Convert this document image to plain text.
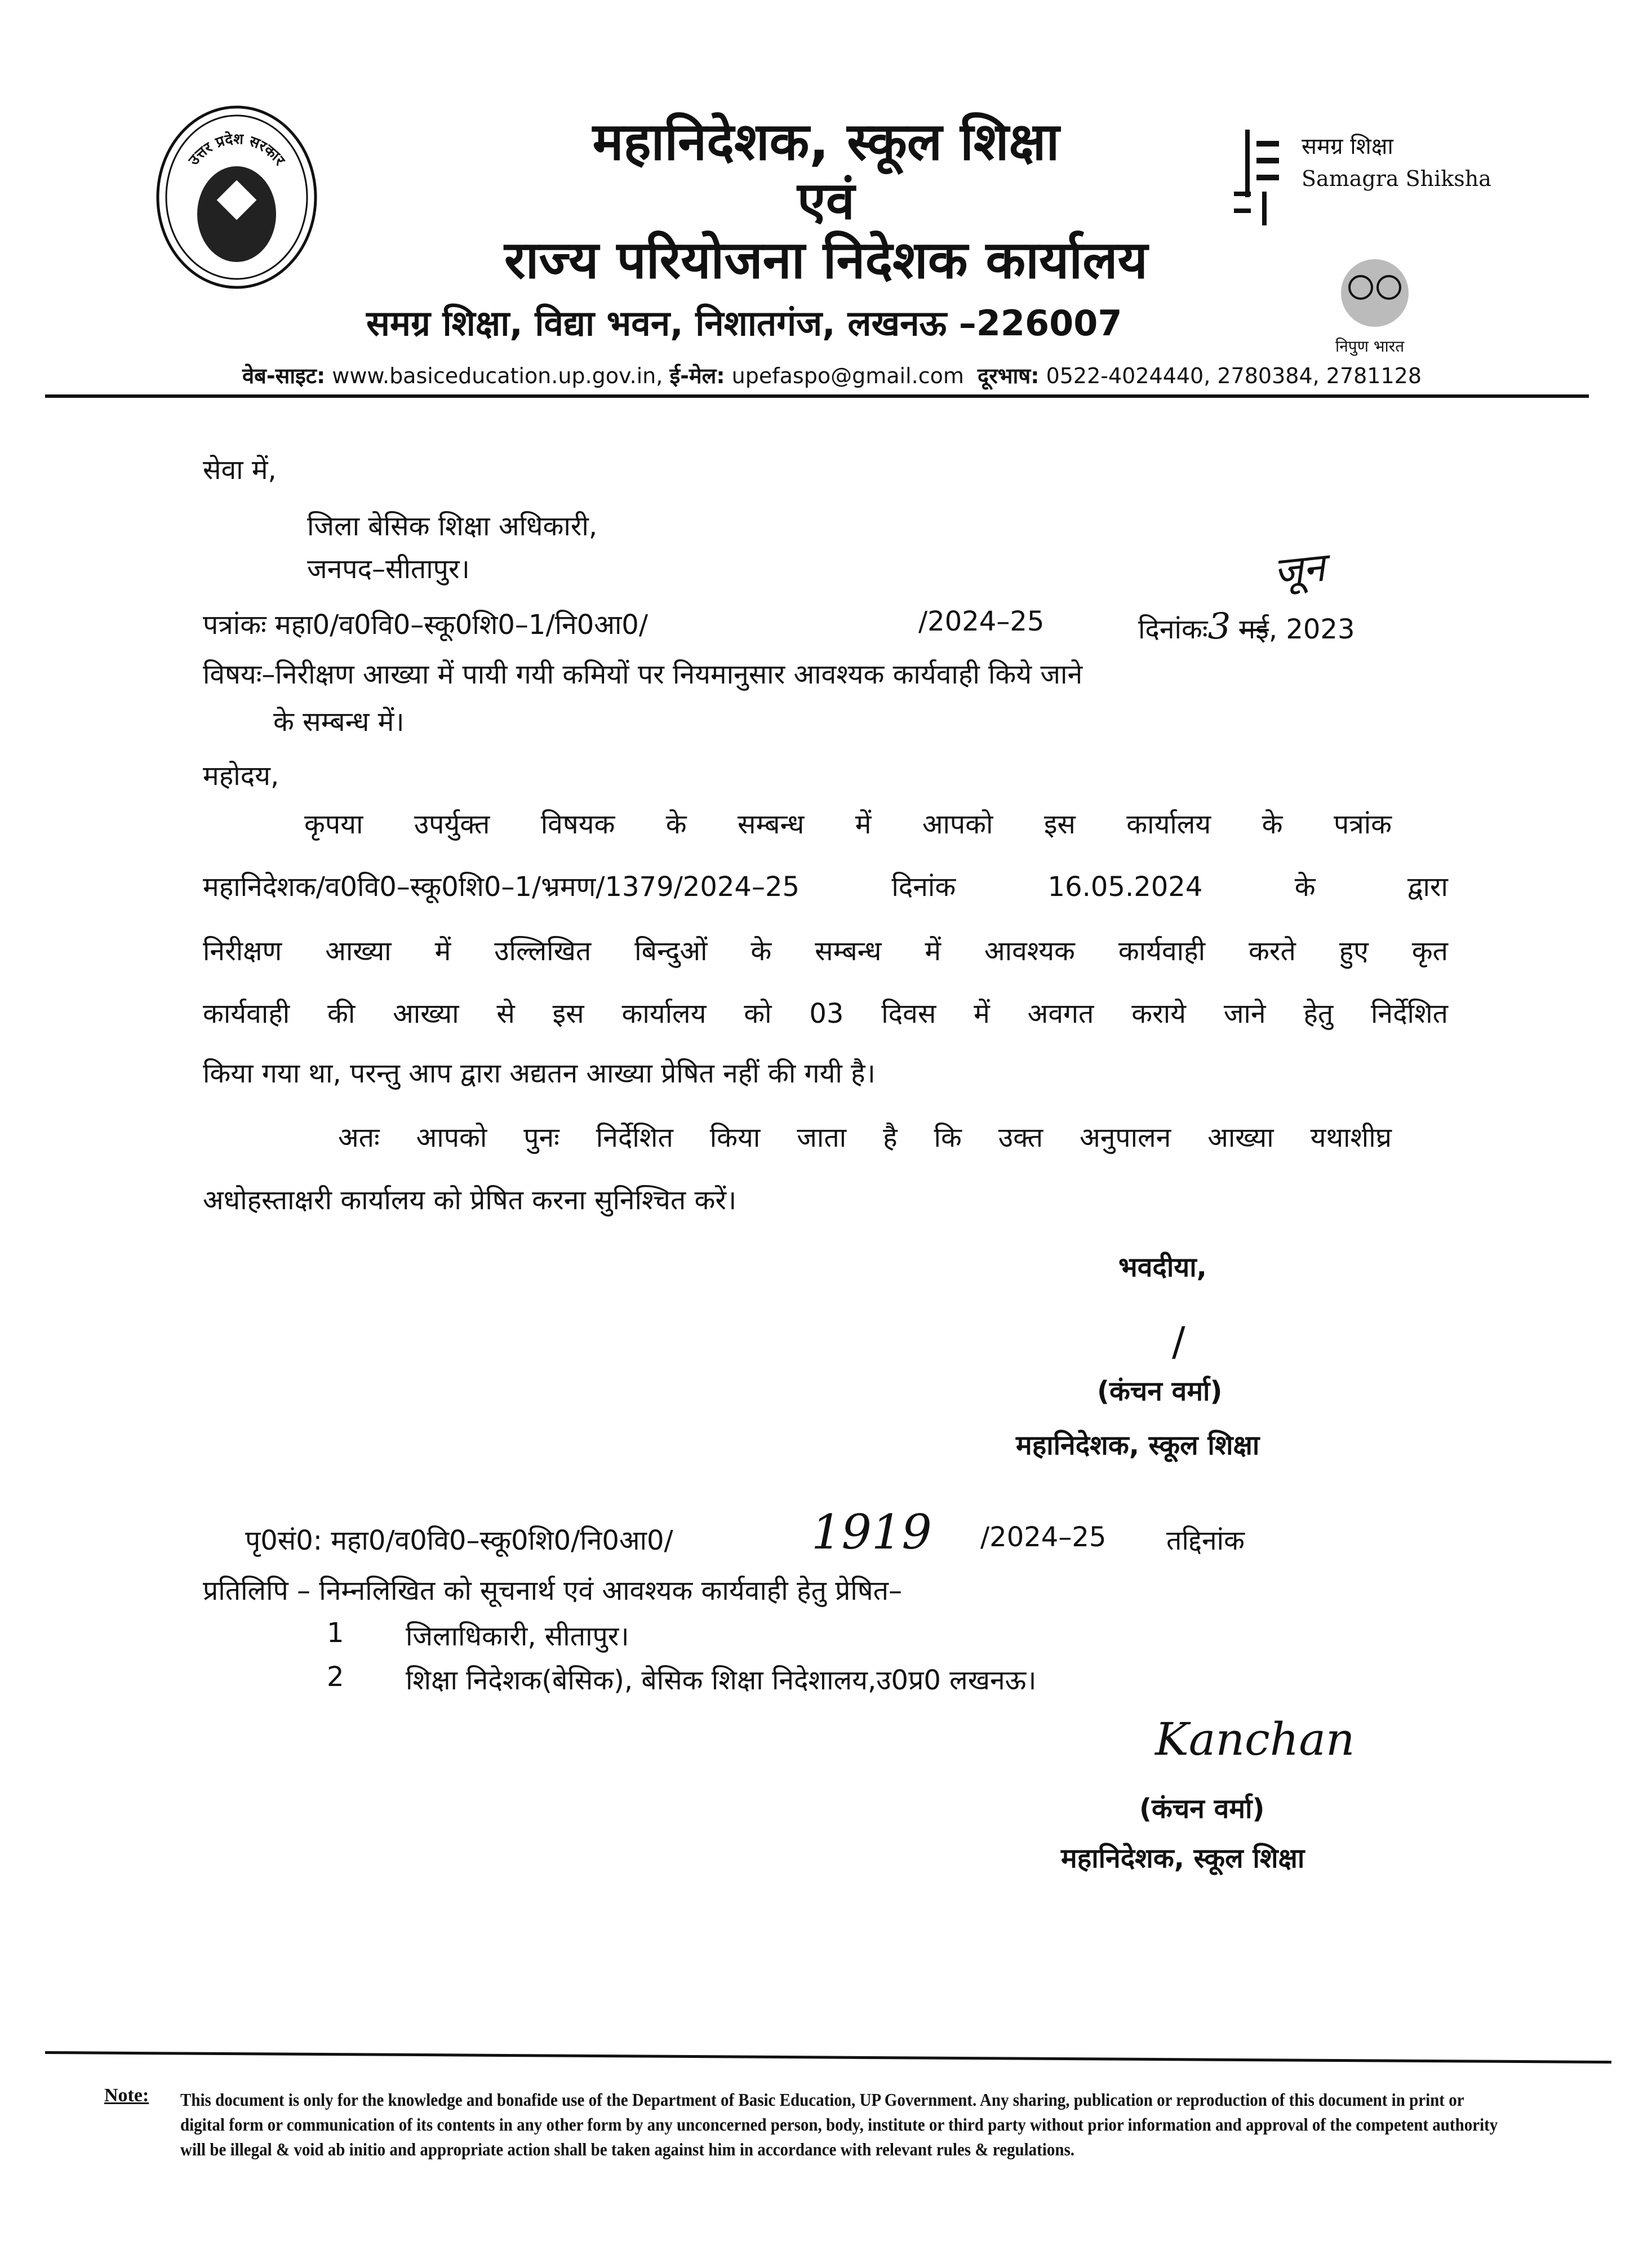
उत्तर प्रदेश सरकार	महानिदेशक, स्कूल शिक्षा
एवं
राज्य परियोजना निदेशक कार्यालय
समग्र शिक्षा, विद्या भवन, निशातगंज, लखनऊ –226007
समग्र शिक्षा
Samagra Shiksha
निपुण भारत
वेब-साइट: www.basiceducation.up.gov.in, ई-मेल: upefaspo@gmail.com दूरभाष: 0522-4024440, 2780384, 2781128
सेवा में,
जिला बेसिक शिक्षा अधिकारी,
जनपद–सीतापुर।
पत्रांकः महा0/व0वि0–स्कू0शि0–1/नि0आ0/	/2024–25	दिनांकः3 मई, 2023
जून
विषयः–निरीक्षण आख्या में पायी गयी कमियों पर नियमानुसार आवश्यक कार्यवाही किये जाने
के सम्बन्ध में।
महोदय,
कृपया उपर्युक्त विषयक के सम्बन्ध में आपको इस कार्यालय के पत्रांक
महानिदेशक/व0वि0–स्कू0शि0–1/भ्रमण/1379/2024–25 दिनांक 16.05.2024 के द्वारा
निरीक्षण आख्या में उल्लिखित बिन्दुओं के सम्बन्ध में आवश्यक कार्यवाही करते हुए कृत
कार्यवाही की आख्या से इस कार्यालय को 03 दिवस में अवगत कराये जाने हेतु निर्देशित
किया गया था, परन्तु आप द्वारा अद्यतन आख्या प्रेषित नहीं की गयी है।
अतः आपको पुनः निर्देशित किया जाता है कि उक्त अनुपालन आख्या यथाशीघ्र
अधोहस्ताक्षरी कार्यालय को प्रेषित करना सुनिश्चित करें।
भवदीया,
/
(कंचन वर्मा)
महानिदेशक, स्कूल शिक्षा
पृ0सं0: महा0/व0वि0–स्कू0शि0/नि0आ0/	1919 /2024–25 तद्दिनांक
प्रतिलिपि – निम्नलिखित को सूचनार्थ एवं आवश्यक कार्यवाही हेतु प्रेषित–
1 जिलाधिकारी, सीतापुर।
2 शिक्षा निदेशक(बेसिक), बेसिक शिक्षा निदेशालय,उ0प्र0 लखनऊ।
Kanchan
(कंचन वर्मा)
महानिदेशक, स्कूल शिक्षा
Note: This document is only for the knowledge and bonafide use of the Department of Basic Education, UP Government. Any sharing, publication or reproduction of this document in print or digital form or communication of its contents in any other form by any unconcerned person, body, institute or third party without prior information and approval of the competent authority will be illegal & void ab initio and appropriate action shall be taken against him in accordance with relevant rules & regulations.
